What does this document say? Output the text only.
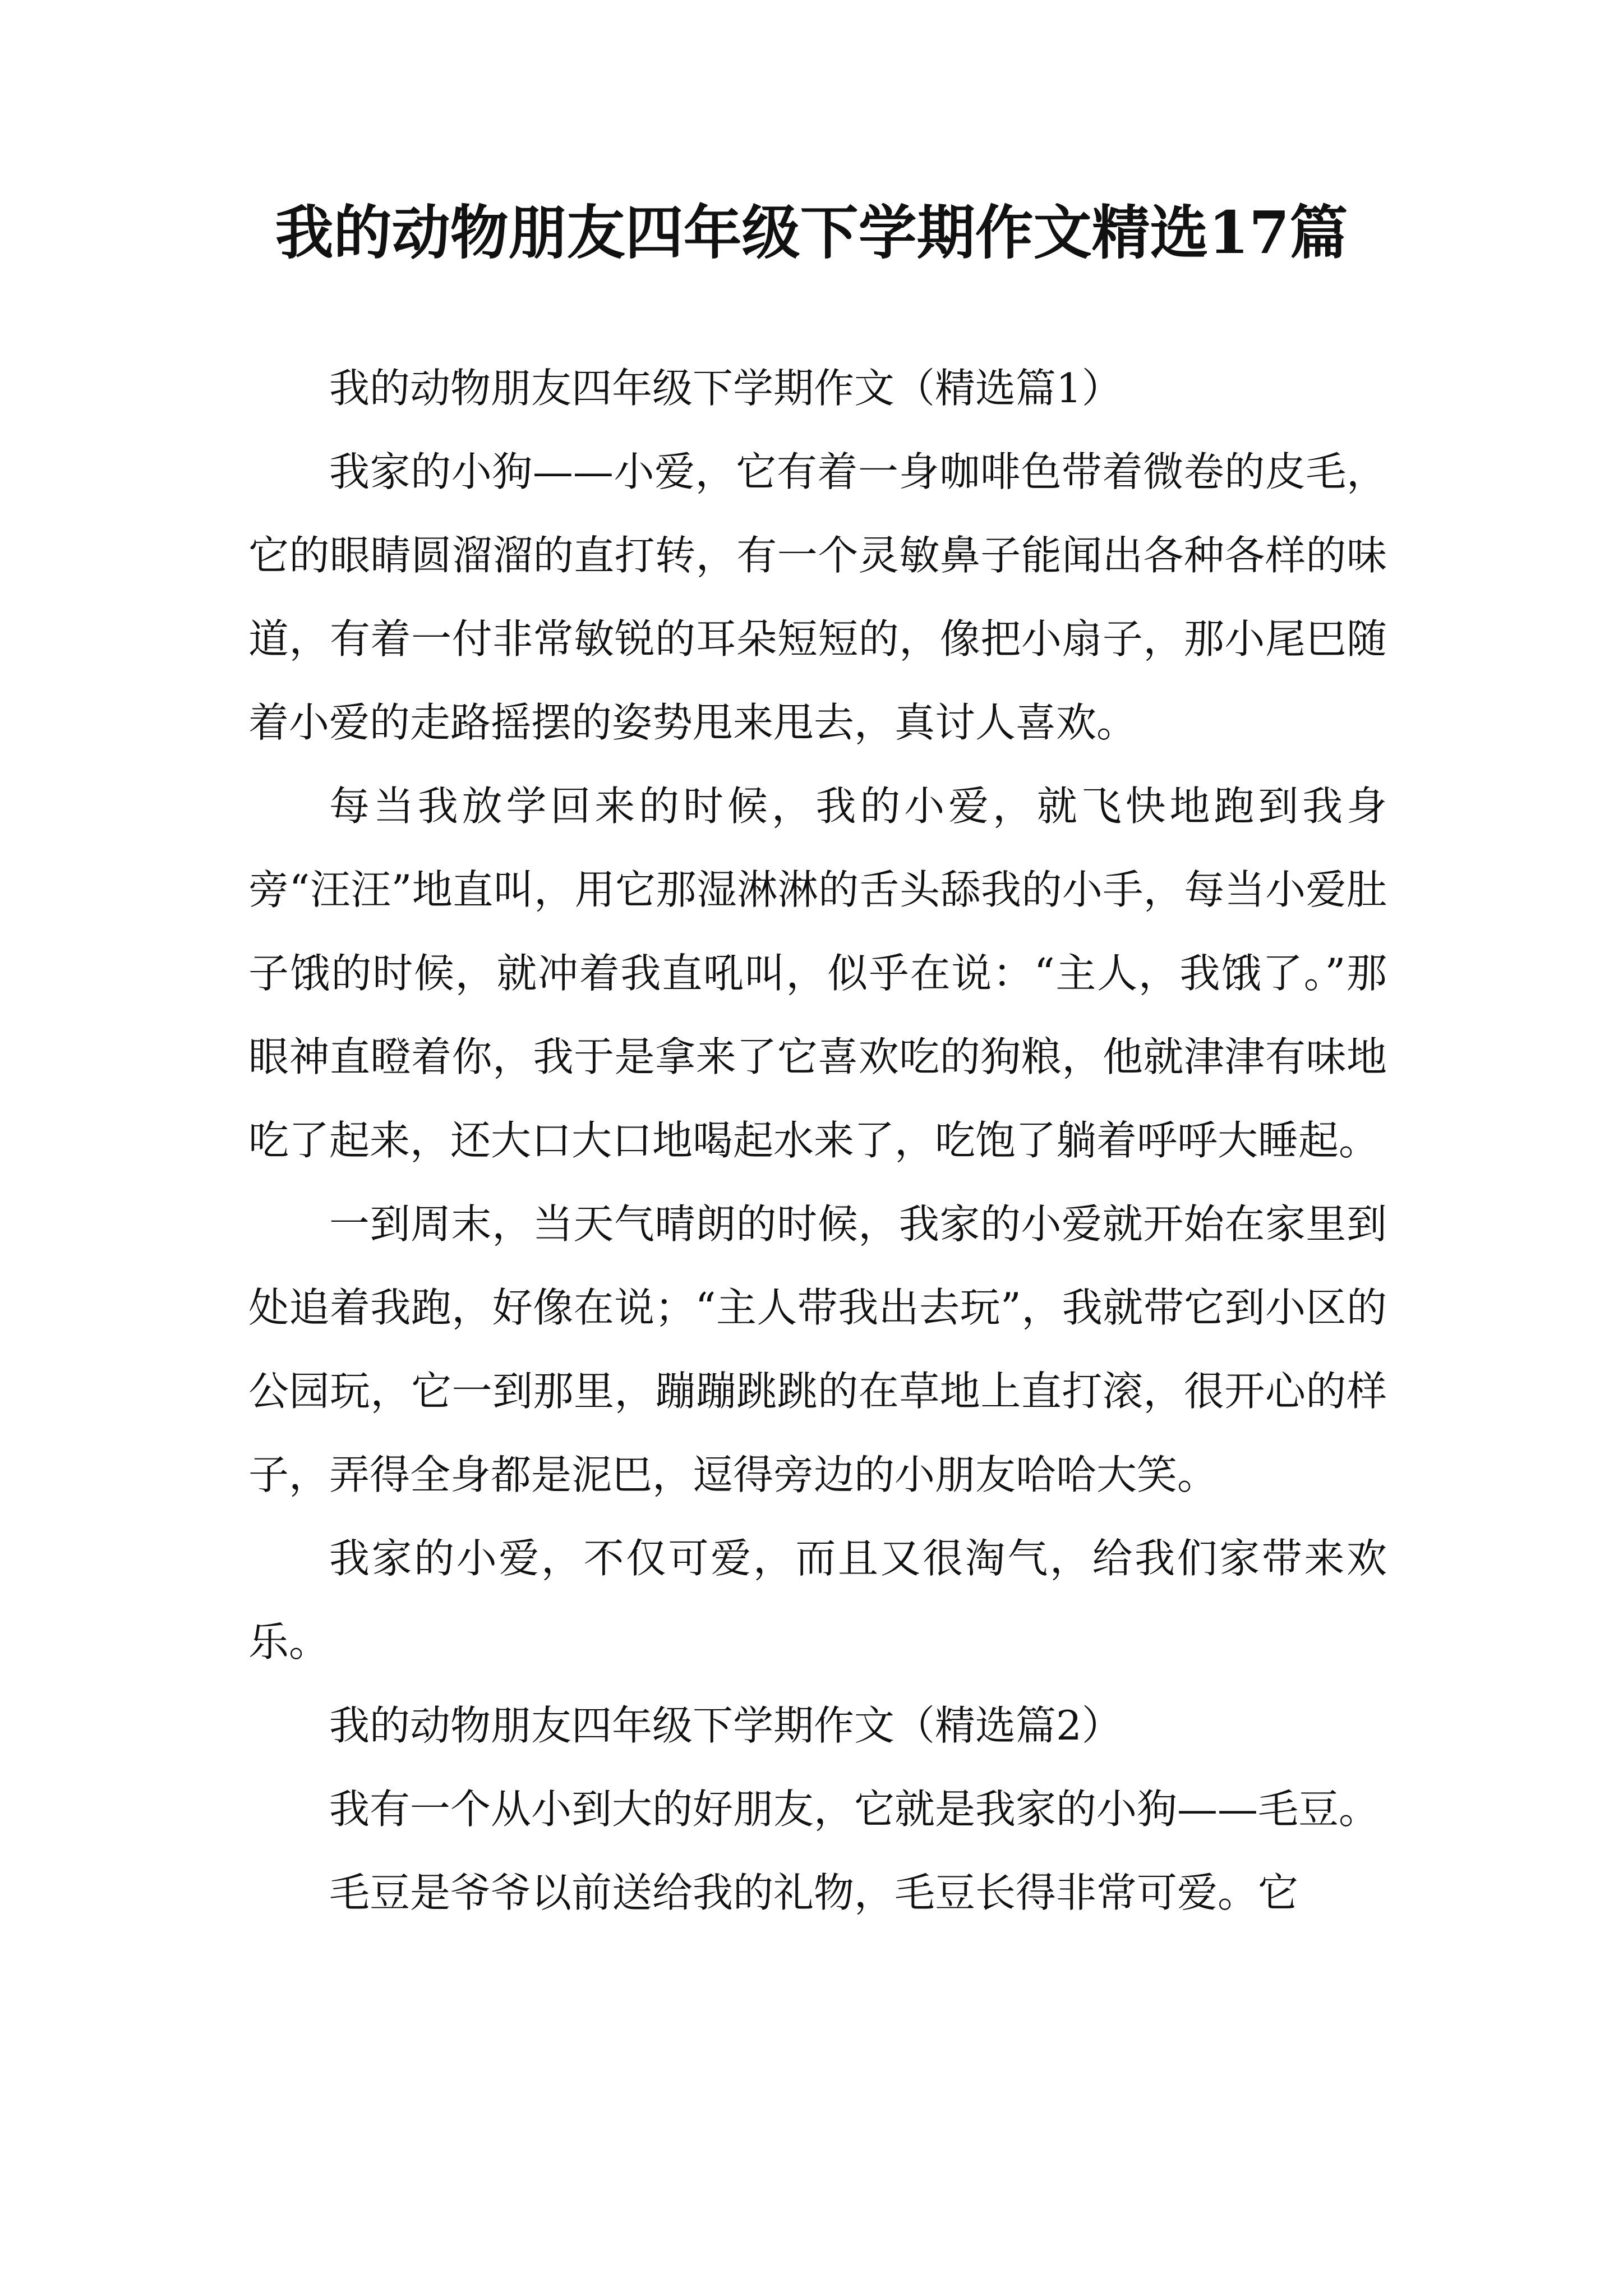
我的动物朋友四年级下学期作文精选17篇

我的动物朋友四年级下学期作文（精选篇1）

我家的小狗——小爱，它有着一身咖啡色带着微卷的皮毛，它的眼睛圆溜溜的直打转，有一个灵敏鼻子能闻出各种各样的味道，有着一付非常敏锐的耳朵短短的，像把小扇子，那小尾巴随着小爱的走路摇摆的姿势甩来甩去，真讨人喜欢。

每当我放学回来的时候，我的小爱，就飞快地跑到我身旁“汪汪”地直叫，用它那湿淋淋的舌头舔我的小手，每当小爱肚子饿的时候，就冲着我直吼叫，似乎在说：“主人，我饿了。”那眼神直瞪着你，我于是拿来了它喜欢吃的狗粮，他就津津有味地吃了起来，还大口大口地喝起水来了，吃饱了躺着呼呼大睡起。

一到周末，当天气晴朗的时候，我家的小爱就开始在家里到处追着我跑，好像在说；“主人带我出去玩”，我就带它到小区的公园玩，它一到那里，蹦蹦跳跳的在草地上直打滚，很开心的样子，弄得全身都是泥巴，逗得旁边的小朋友哈哈大笑。

我家的小爱，不仅可爱，而且又很淘气，给我们家带来欢乐。

我的动物朋友四年级下学期作文（精选篇2）

我有一个从小到大的好朋友，它就是我家的小狗——毛豆。

毛豆是爷爷以前送给我的礼物，毛豆长得非常可爱。它
